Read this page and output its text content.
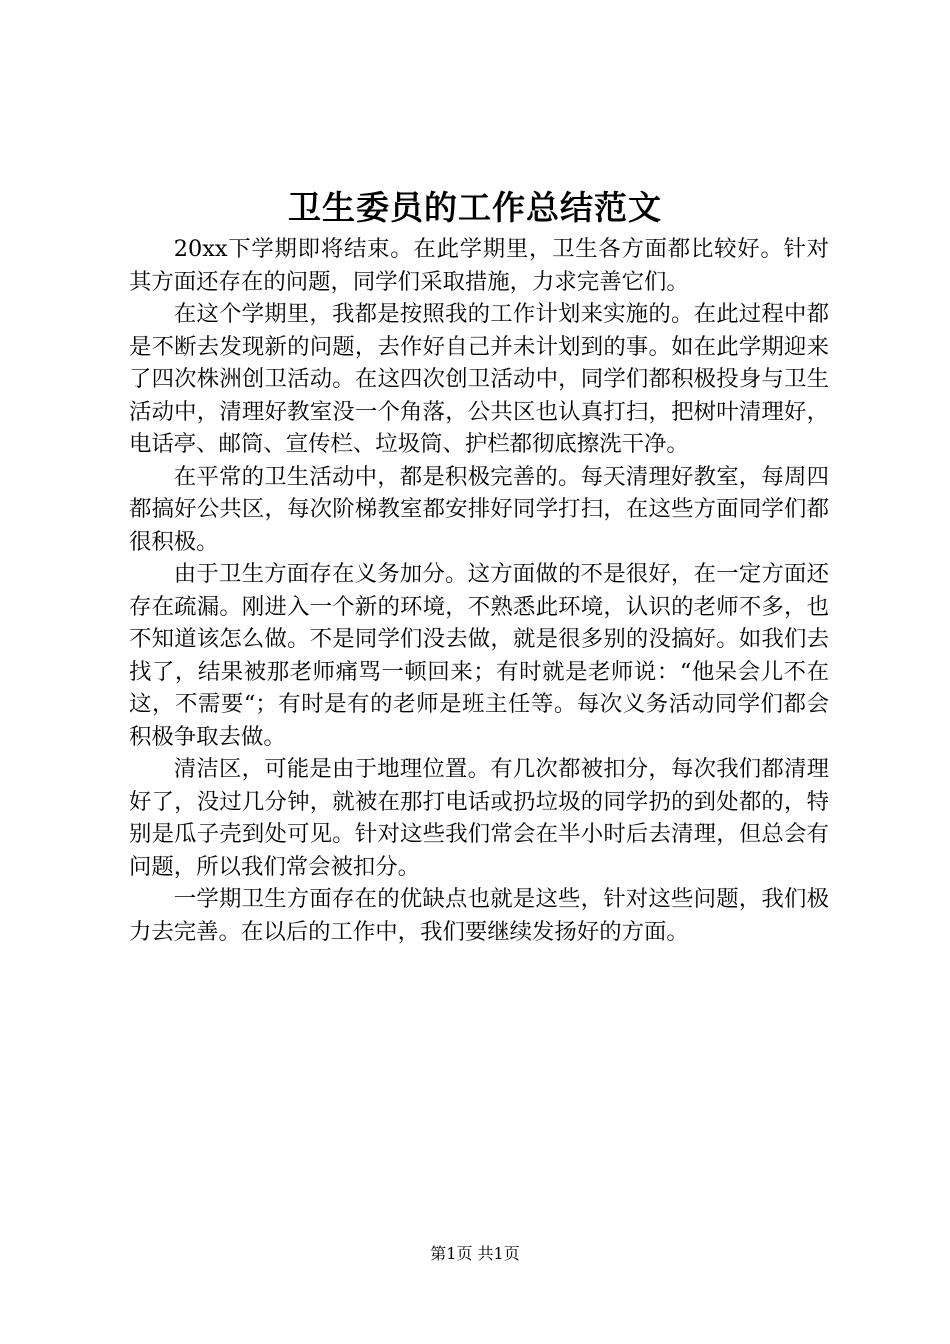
卫生委员的工作总结范文

20xx下学期即将结束。在此学期里，卫生各方面都比较好。针对其方面还存在的问题，同学们采取措施，力求完善它们。

在这个学期里，我都是按照我的工作计划来实施的。在此过程中都是不断去发现新的问题，去作好自己并未计划到的事。如在此学期迎来了四次株洲创卫活动。在这四次创卫活动中，同学们都积极投身与卫生活动中，清理好教室没一个角落，公共区也认真打扫，把树叶清理好，电话亭、邮筒、宣传栏、垃圾筒、护栏都彻底擦洗干净。

在平常的卫生活动中，都是积极完善的。每天清理好教室，每周四都搞好公共区，每次阶梯教室都安排好同学打扫，在这些方面同学们都很积极。

由于卫生方面存在义务加分。这方面做的不是很好，在一定方面还存在疏漏。刚进入一个新的环境，不熟悉此环境，认识的老师不多，也不知道该怎么做。不是同学们没去做，就是很多别的没搞好。如我们去找了，结果被那老师痛骂一顿回来；有时就是老师说：“他呆会儿不在这，不需要“；有时是有的老师是班主任等。每次义务活动同学们都会积极争取去做。

清洁区，可能是由于地理位置。有几次都被扣分，每次我们都清理好了，没过几分钟，就被在那打电话或扔垃圾的同学扔的到处都的，特别是瓜子壳到处可见。针对这些我们常会在半小时后去清理，但总会有问题，所以我们常会被扣分。

一学期卫生方面存在的优缺点也就是这些，针对这些问题，我们极力去完善。在以后的工作中，我们要继续发扬好的方面。

第1页 共1页
